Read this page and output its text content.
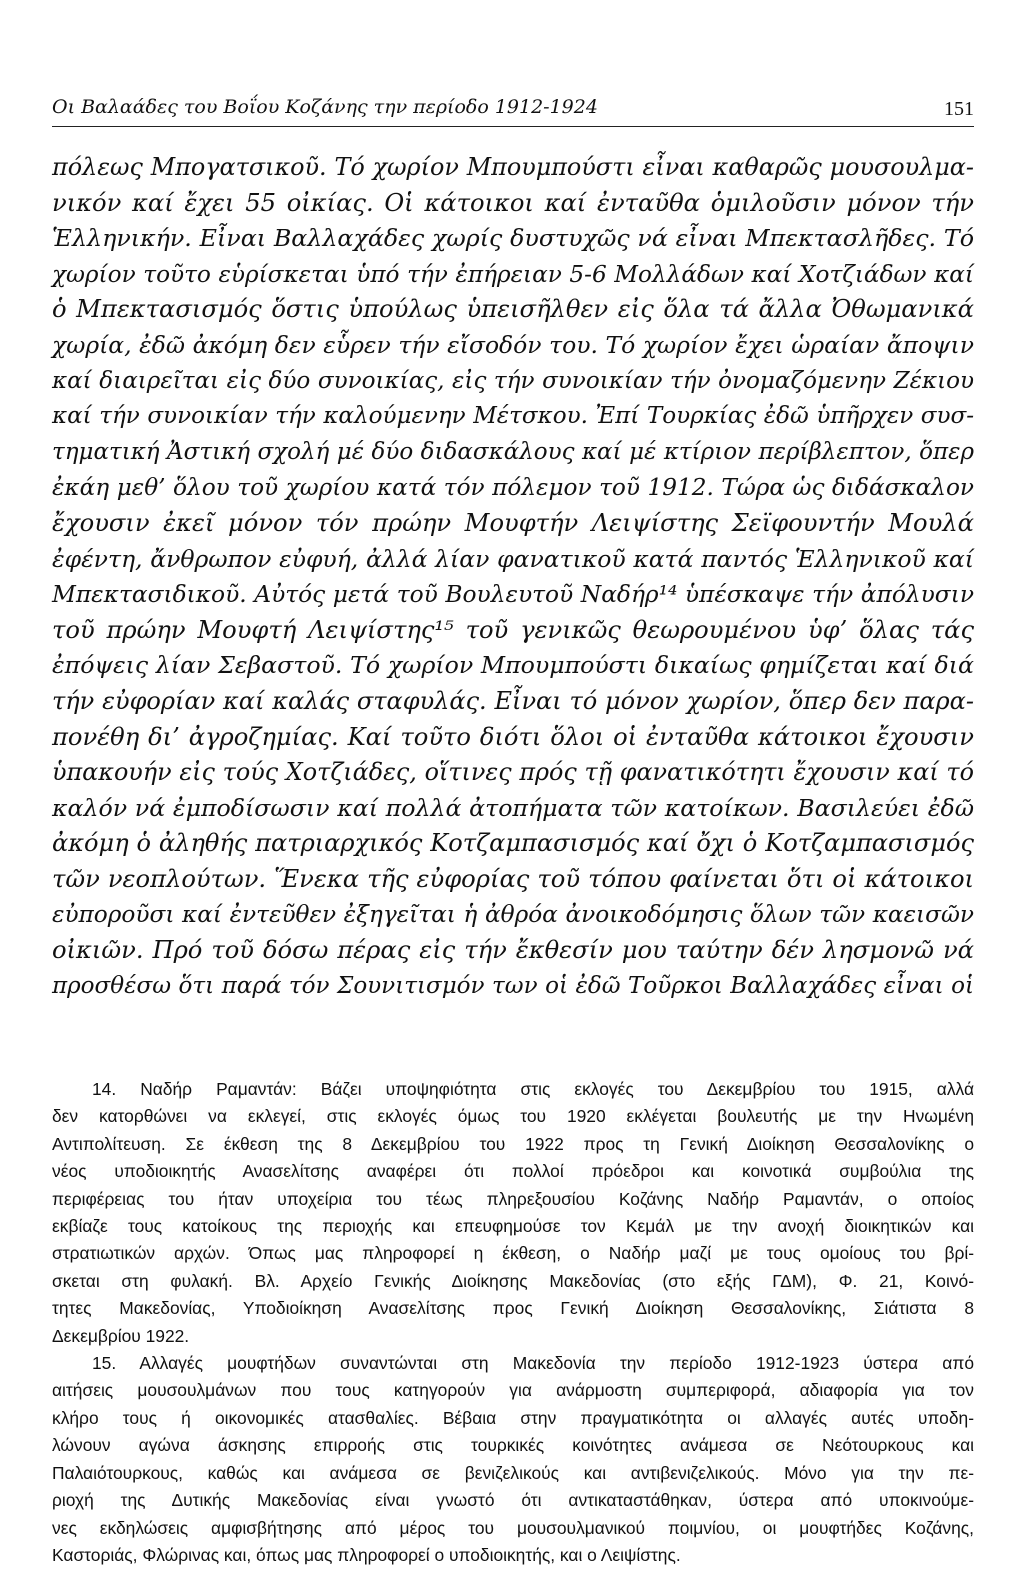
Οι Βαλαάδες του Βοΐου Κοζάνης την περίοδο 1912-1924	151
πόλεως Μπογατσικοῦ. Τό χωρίον Μπουμπούστι εἶναι καθαρῶς μουσουλμα-
νικόν καί ἔχει 55 οἰκίας. Οἱ κάτοικοι καί ἐνταῦθα ὁμιλοῦσιν μόνον τήν
Ἑλληνικήν. Εἶναι Βαλλαχάδες χωρίς δυστυχῶς νά εἶναι Μπεκτασλῆδες. Τό
χωρίον τοῦτο εὑρίσκεται ὑπό τήν ἐπήρειαν 5-6 Μολλάδων καί Χοτζιάδων καί
ὁ Μπεκτασισμός ὅστις ὑπούλως ὑπεισῆλθεν εἰς ὅλα τά ἄλλα Ὀθωμανικά
χωρία, ἐδῶ ἀκόμη δεν εὗρεν τήν εἴσοδόν του. Τό χωρίον ἔχει ὡραίαν ἄποψιν
καί διαιρεῖται εἰς δύο συνοικίας, εἰς τήν συνοικίαν τήν ὀνομαζόμενην Ζέκιου
καί τήν συνοικίαν τήν καλούμενην Μέτσκου. Ἐπί Τουρκίας ἐδῶ ὑπῆρχεν συσ-
τηματική Ἀστική σχολή μέ δύο διδασκάλους καί μέ κτίριον περίβλεπτον, ὅπερ
ἐκάη μεθ’ ὅλου τοῦ χωρίου κατά τόν πόλεμον τοῦ 1912. Τώρα ὡς διδάσκαλον
ἔχουσιν ἐκεῖ μόνον τόν πρώην Μουφτήν Λειψίστης Σεϊφουντήν Μουλά
ἐφέντη, ἄνθρωπον εὐφυή, ἀλλά λίαν φανατικοῦ κατά παντός Ἑλληνικοῦ καί
Μπεκτασιδικοῦ. Αὐτός μετά τοῦ Βουλευτοῦ Ναδήρ¹⁴ ὑπέσκαψε τήν ἀπόλυσιν
τοῦ πρώην Μουφτή Λειψίστης¹⁵ τοῦ γενικῶς θεωρουμένου ὑφ’ ὅλας τάς
ἐπόψεις λίαν Σεβαστοῦ. Τό χωρίον Μπουμπούστι δικαίως φημίζεται καί διά
τήν εὐφορίαν καί καλάς σταφυλάς. Εἶναι τό μόνον χωρίον, ὅπερ δεν παρα-
πονέθη δι’ ἀγροζημίας. Καί τοῦτο διότι ὅλοι οἱ ἐνταῦθα κάτοικοι ἔχουσιν
ὑπακουήν εἰς τούς Χοτζιάδες, οἵτινες πρός τῇ φανατικότητι ἔχουσιν καί τό
καλόν νά ἐμποδίσωσιν καί πολλά ἀτοπήματα τῶν κατοίκων. Βασιλεύει ἐδῶ
ἀκόμη ὁ ἀληθής πατριαρχικός Κοτζαμπασισμός καί ὄχι ὁ Κοτζαμπασισμός
τῶν νεοπλούτων. Ἕνεκα τῆς εὐφορίας τοῦ τόπου φαίνεται ὅτι οἱ κάτοικοι
εὐποροῦσι καί ἐντεῦθεν ἐξηγεῖται ἡ ἀθρόα ἀνοικοδόμησις ὅλων τῶν καεισῶν
οἰκιῶν. Πρό τοῦ δόσω πέρας εἰς τήν ἔκθεσίν μου ταύτην δέν λησμονῶ νά
προσθέσω ὅτι παρά τόν Σουνιτισμόν των οἱ ἐδῶ Τοῦρκοι Βαλλαχάδες εἶναι οἱ
14. Ναδήρ Ραμαντάν: Βάζει υποψηφιότητα στις εκλογές του Δεκεμβρίου του 1915, αλλά
δεν κατορθώνει να εκλεγεί, στις εκλογές όμως του 1920 εκλέγεται βουλευτής με την Ηνωμένη
Αντιπολίτευση. Σε έκθεση της 8 Δεκεμβρίου του 1922 προς τη Γενική Διοίκηση Θεσσαλονίκης ο
νέος υποδιοικητής Ανασελίτσης αναφέρει ότι πολλοί πρόεδροι και κοινοτικά συμβούλια της
περιφέρειας του ήταν υποχείρια του τέως πληρεξουσίου Κοζάνης Ναδήρ Ραμαντάν, ο οποίος
εκβίαζε τους κατοίκους της περιοχής και επευφημούσε τον Κεμάλ με την ανοχή διοικητικών και
στρατιωτικών αρχών. Όπως μας πληροφορεί η έκθεση, ο Ναδήρ μαζί με τους ομοίους του βρί-
σκεται στη φυλακή. Βλ. Αρχείο Γενικής Διοίκησης Μακεδονίας (στο εξής ΓΔΜ), Φ. 21, Κοινό-
τητες Μακεδονίας, Υποδιοίκηση Ανασελίτσης προς Γενική Διοίκηση Θεσσαλονίκης, Σιάτιστα 8
Δεκεμβρίου 1922.
15. Αλλαγές μουφτήδων συναντώνται στη Μακεδονία την περίοδο 1912-1923 ύστερα από
αιτήσεις μουσουλμάνων που τους κατηγορούν για ανάρμοστη συμπεριφορά, αδιαφορία για τον
κλήρο τους ή οικονομικές ατασθαλίες. Βέβαια στην πραγματικότητα οι αλλαγές αυτές υποδη-
λώνουν αγώνα άσκησης επιρροής στις τουρκικές κοινότητες ανάμεσα σε Νεότουρκους και
Παλαιότουρκους, καθώς και ανάμεσα σε βενιζελικούς και αντιβενιζελικούς. Μόνο για την πε-
ριοχή της Δυτικής Μακεδονίας είναι γνωστό ότι αντικαταστάθηκαν, ύστερα από υποκινούμε-
νες εκδηλώσεις αμφισβήτησης από μέρος του μουσουλμανικού ποιμνίου, οι μουφτήδες Κοζάνης,
Καστοριάς, Φλώρινας και, όπως μας πληροφορεί ο υποδιοικητής, και ο Λειψίστης.
